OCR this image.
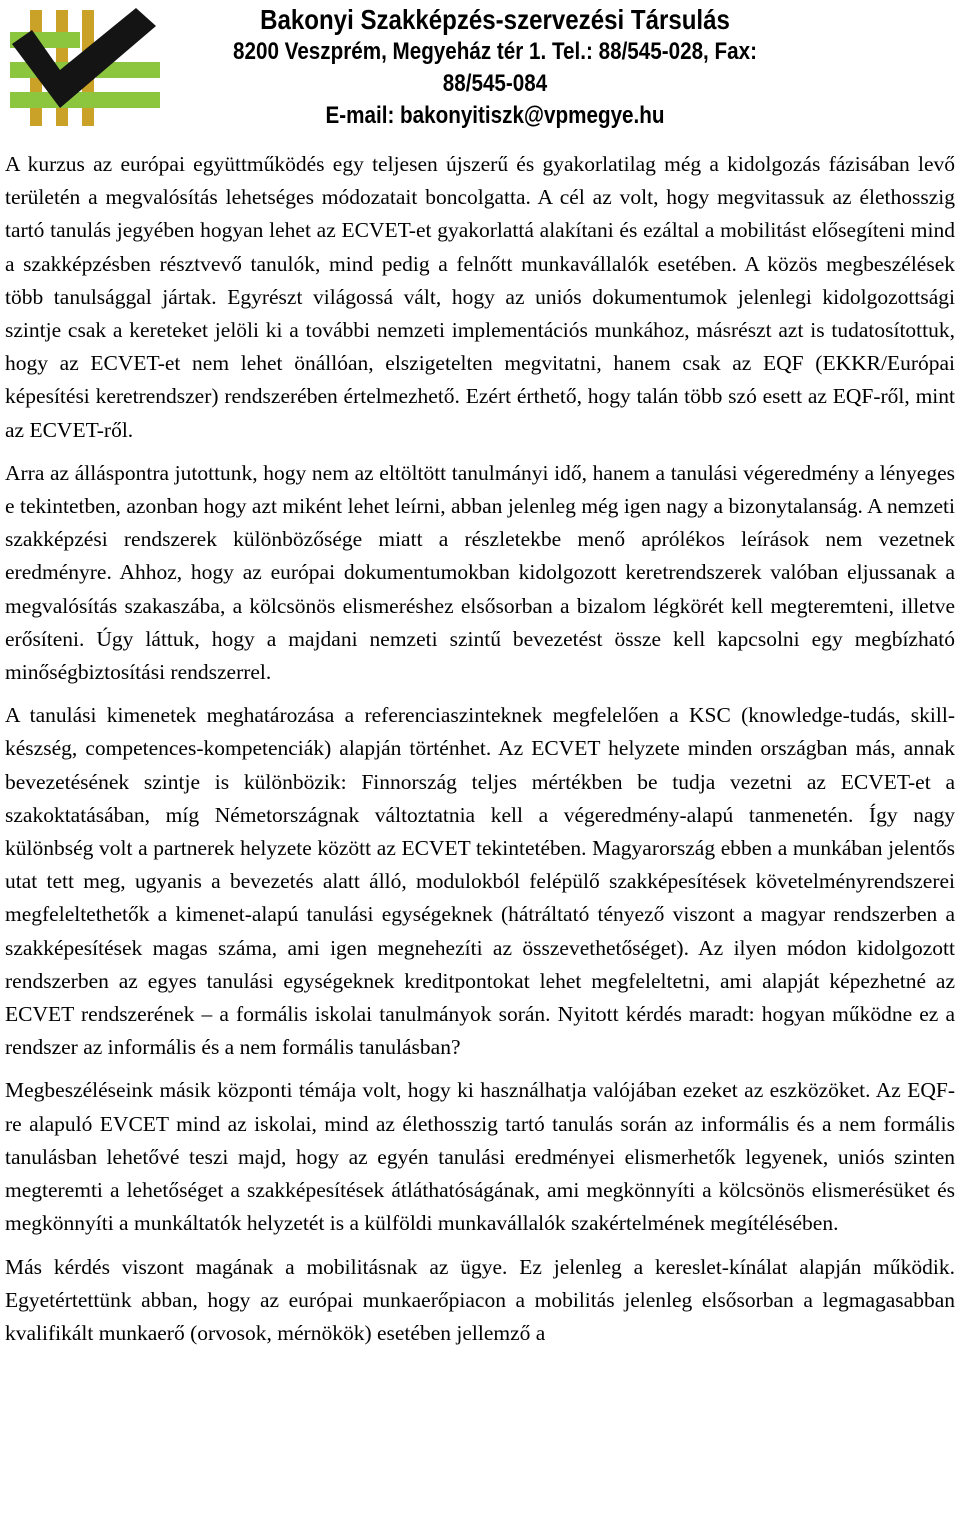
Bakonyi Szakképzés-szervezési Társulás
8200 Veszprém, Megyeház tér 1. Tel.: 88/545-028, Fax: 88/545-084
E-mail: bakonyitiszk@vpmegye.hu

A kurzus az európai együttműködés egy teljesen újszerű és gyakorlatilag még a kidolgozás fázisában levő területén a megvalósítás lehetséges módozatait boncolgatta. A cél az volt, hogy megvitassuk az élethosszig tartó tanulás jegyében hogyan lehet az ECVET-et gyakorlattá alakítani és ezáltal a mobilitást elősegíteni mind a szakképzésben résztvevő tanulók, mind pedig a felnőtt munkavállalók esetében. A közös megbeszélések több tanulsággal jártak. Egyrészt világossá vált, hogy az uniós dokumentumok jelenlegi kidolgozottsági szintje csak a kereteket jelöli ki a további nemzeti implementációs munkához, másrészt azt is tudatosítottuk, hogy az ECVET-et nem lehet önállóan, elszigetelten megvitatni, hanem csak az EQF (EKKR/Európai képesítési keretrendszer) rendszerében értelmezhető. Ezért érthető, hogy talán több szó esett az EQF-ről, mint az ECVET-ről.

Arra az álláspontra jutottunk, hogy nem az eltöltött tanulmányi idő, hanem a tanulási végeredmény a lényeges e tekintetben, azonban hogy azt miként lehet leírni, abban jelenleg még igen nagy a bizonytalanság. A nemzeti szakképzési rendszerek különbözősége miatt a részletekbe menő aprólékos leírások nem vezetnek eredményre. Ahhoz, hogy az európai dokumentumokban kidolgozott keretrendszerek valóban eljussanak a megvalósítás szakaszába, a kölcsönös elismeréshez elsősorban a bizalom légkörét kell megteremteni, illetve erősíteni. Úgy láttuk, hogy a majdani nemzeti szintű bevezetést össze kell kapcsolni egy megbízható minőségbiztosítási rendszerrel.

A tanulási kimenetek meghatározása a referenciaszinteknek megfelelően a KSC (knowledge-tudás, skill-készség, competences-kompetenciák) alapján történhet. Az ECVET helyzete minden országban más, annak bevezetésének szintje is különbözik: Finnország teljes mértékben be tudja vezetni az ECVET-et a szakoktatásában, míg Németországnak változtatnia kell a végeredmény-alapú tanmenetén. Így nagy különbség volt a partnerek helyzete között az ECVET tekintetében. Magyarország ebben a munkában jelentős utat tett meg, ugyanis a bevezetés alatt álló, modulokból felépülő szakképesítések követelményrendszerei megfeleltethetők a kimenet-alapú tanulási egységeknek (hátráltató tényező viszont a magyar rendszerben a szakképesítések magas száma, ami igen megnehezíti az összevethetőséget). Az ilyen módon kidolgozott rendszerben az egyes tanulási egységeknek kreditpontokat lehet megfeleltetni, ami alapját képezhetné az ECVET rendszerének – a formális iskolai tanulmányok során. Nyitott kérdés maradt: hogyan működne ez a rendszer az informális és a nem formális tanulásban?

Megbeszéléseink másik központi témája volt, hogy ki használhatja valójában ezeket az eszközöket. Az EQF-re alapuló EVCET mind az iskolai, mind az élethosszig tartó tanulás során az informális és a nem formális tanulásban lehetővé teszi majd, hogy az egyén tanulási eredményei elismerhetők legyenek, uniós szinten megteremti a lehetőséget a szakképesítések átláthatóságának, ami megkönnyíti a kölcsönös elismerésüket és megkönnyíti a munkáltatók helyzetét is a külföldi munkavállalók szakértelmének megítélésében.

Más kérdés viszont magának a mobilitásnak az ügye. Ez jelenleg a kereslet-kínálat alapján működik. Egyetértettünk abban, hogy az európai munkaerőpiacon a mobilitás jelenleg elsősorban a legmagasabban kvalifikált munkaerő (orvosok, mérnökök) esetében jellemző a
